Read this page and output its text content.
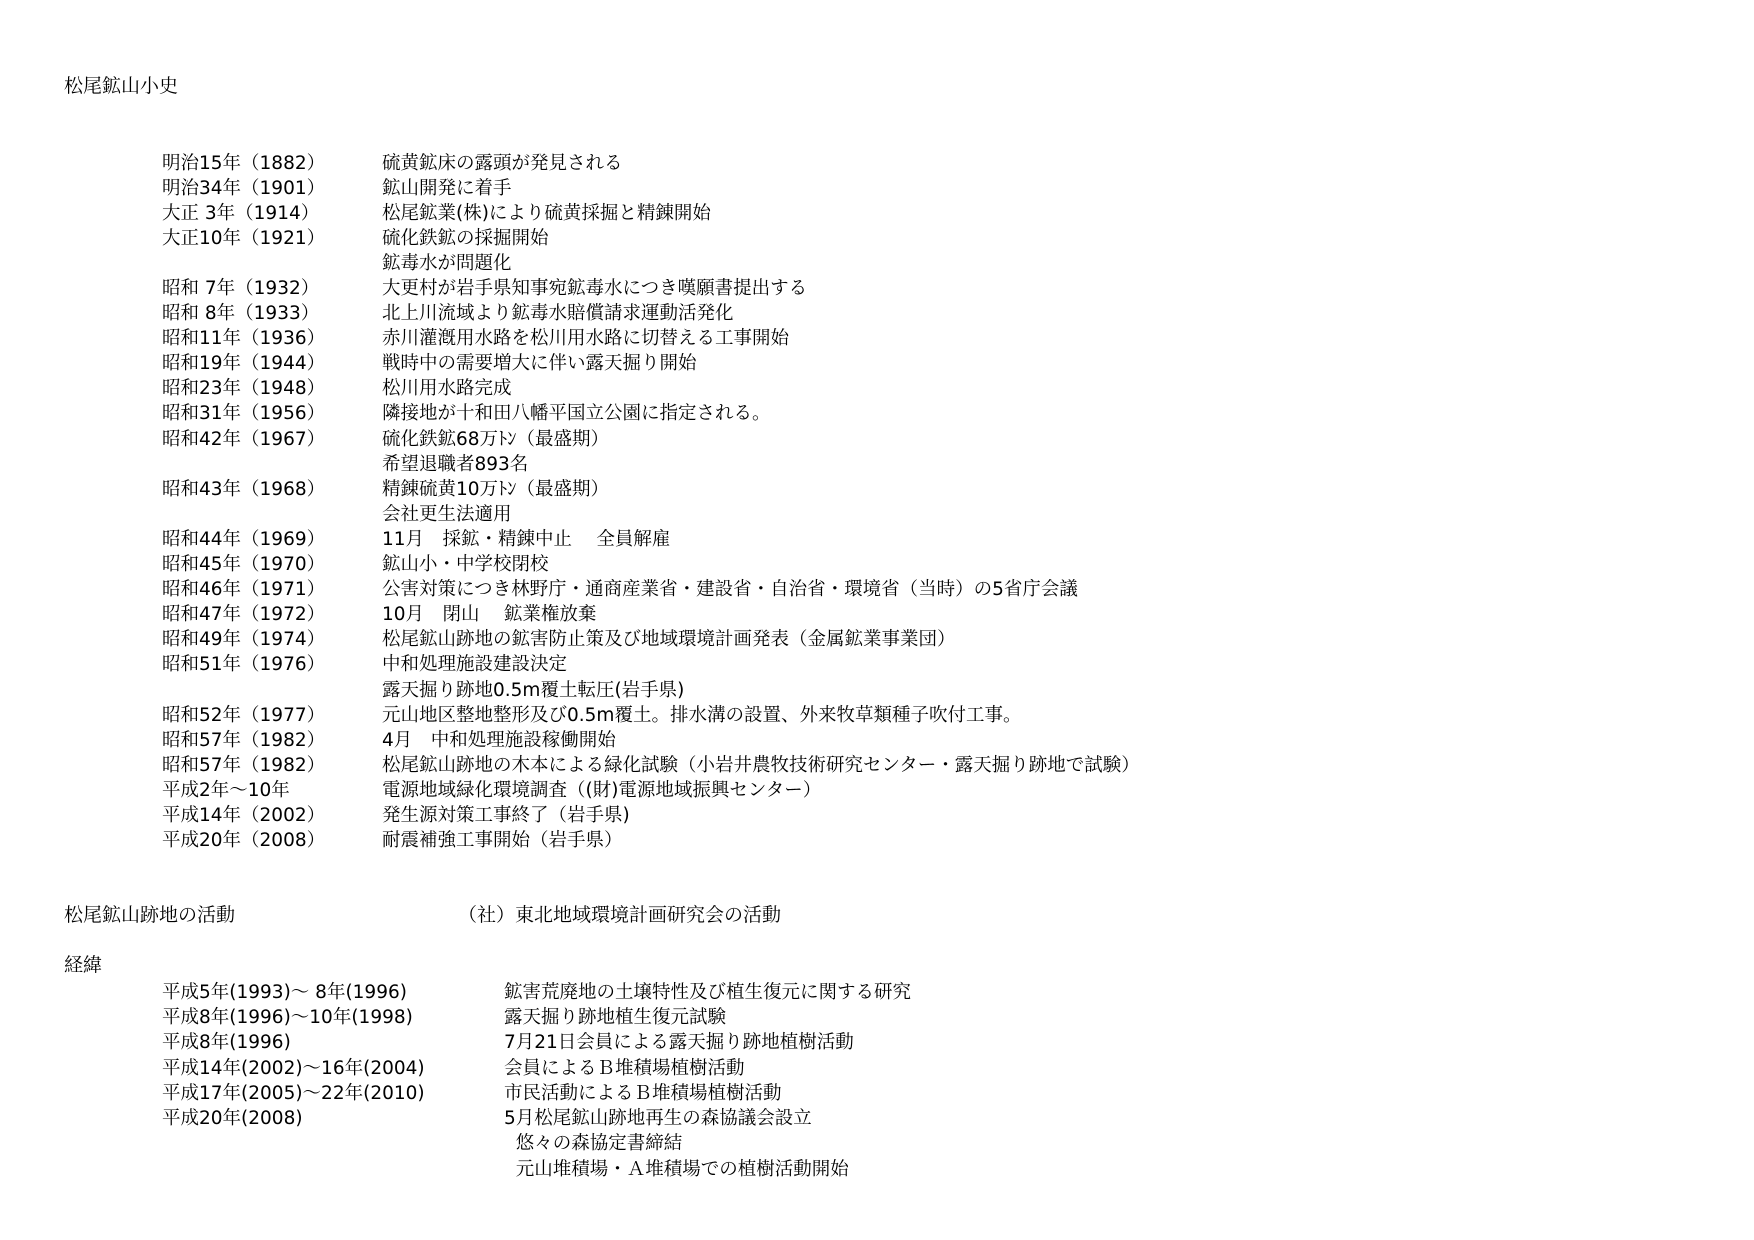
松尾鉱山小史
明治15年（1882）	硫黄鉱床の露頭が発見される
明治34年（1901）	鉱山開発に着手
大正 3年（1914）	松尾鉱業(株)により硫黄採掘と精錬開始
大正10年（1921）	硫化鉄鉱の採掘開始
鉱毒水が問題化
昭和 7年（1932）	大更村が岩手県知事宛鉱毒水につき嘆願書提出する
昭和 8年（1933）	北上川流域より鉱毒水賠償請求運動活発化
昭和11年（1936）	赤川灌漑用水路を松川用水路に切替える工事開始
昭和19年（1944）	戦時中の需要増大に伴い露天掘り開始
昭和23年（1948）	松川用水路完成
昭和31年（1956）	隣接地が十和田八幡平国立公園に指定される。
昭和42年（1967）	硫化鉄鉱68万ﾄﾝ（最盛期）
希望退職者893名
昭和43年（1968）	精錬硫黄10万ﾄﾝ（最盛期）
会社更生法適用
昭和44年（1969）	11月　採鉱・精錬中止　 全員解雇
昭和45年（1970）	鉱山小・中学校閉校
昭和46年（1971）	公害対策につき林野庁・通商産業省・建設省・自治省・環境省（当時）の5省庁会議
昭和47年（1972）	10月　閉山　 鉱業権放棄
昭和49年（1974）	松尾鉱山跡地の鉱害防止策及び地域環境計画発表（金属鉱業事業団）
昭和51年（1976）	中和処理施設建設決定
露天掘り跡地0.5m覆土転圧(岩手県)
昭和52年（1977）	元山地区整地整形及び0.5m覆土。排水溝の設置、外来牧草類種子吹付工事。
昭和57年（1982）	4月　中和処理施設稼働開始
昭和57年（1982）	松尾鉱山跡地の木本による緑化試験（小岩井農牧技術研究センター・露天掘り跡地で試験）
平成2年～10年	電源地域緑化環境調査（(財)電源地域振興センター）
平成14年（2002）	発生源対策工事終了（岩手県)
平成20年（2008）	耐震補強工事開始（岩手県）
松尾鉱山跡地の活動	（社）東北地域環境計画研究会の活動
経緯
平成5年(1993)～ 8年(1996)	鉱害荒廃地の土壌特性及び植生復元に関する研究
平成8年(1996)～10年(1998)	露天掘り跡地植生復元試験
平成8年(1996)	7月21日会員による露天掘り跡地植樹活動
平成14年(2002)～16年(2004)	会員によるＢ堆積場植樹活動
平成17年(2005)～22年(2010)	市民活動によるＢ堆積場植樹活動
平成20年(2008)	5月松尾鉱山跡地再生の森協議会設立
悠々の森協定書締結
元山堆積場・Ａ堆積場での植樹活動開始
